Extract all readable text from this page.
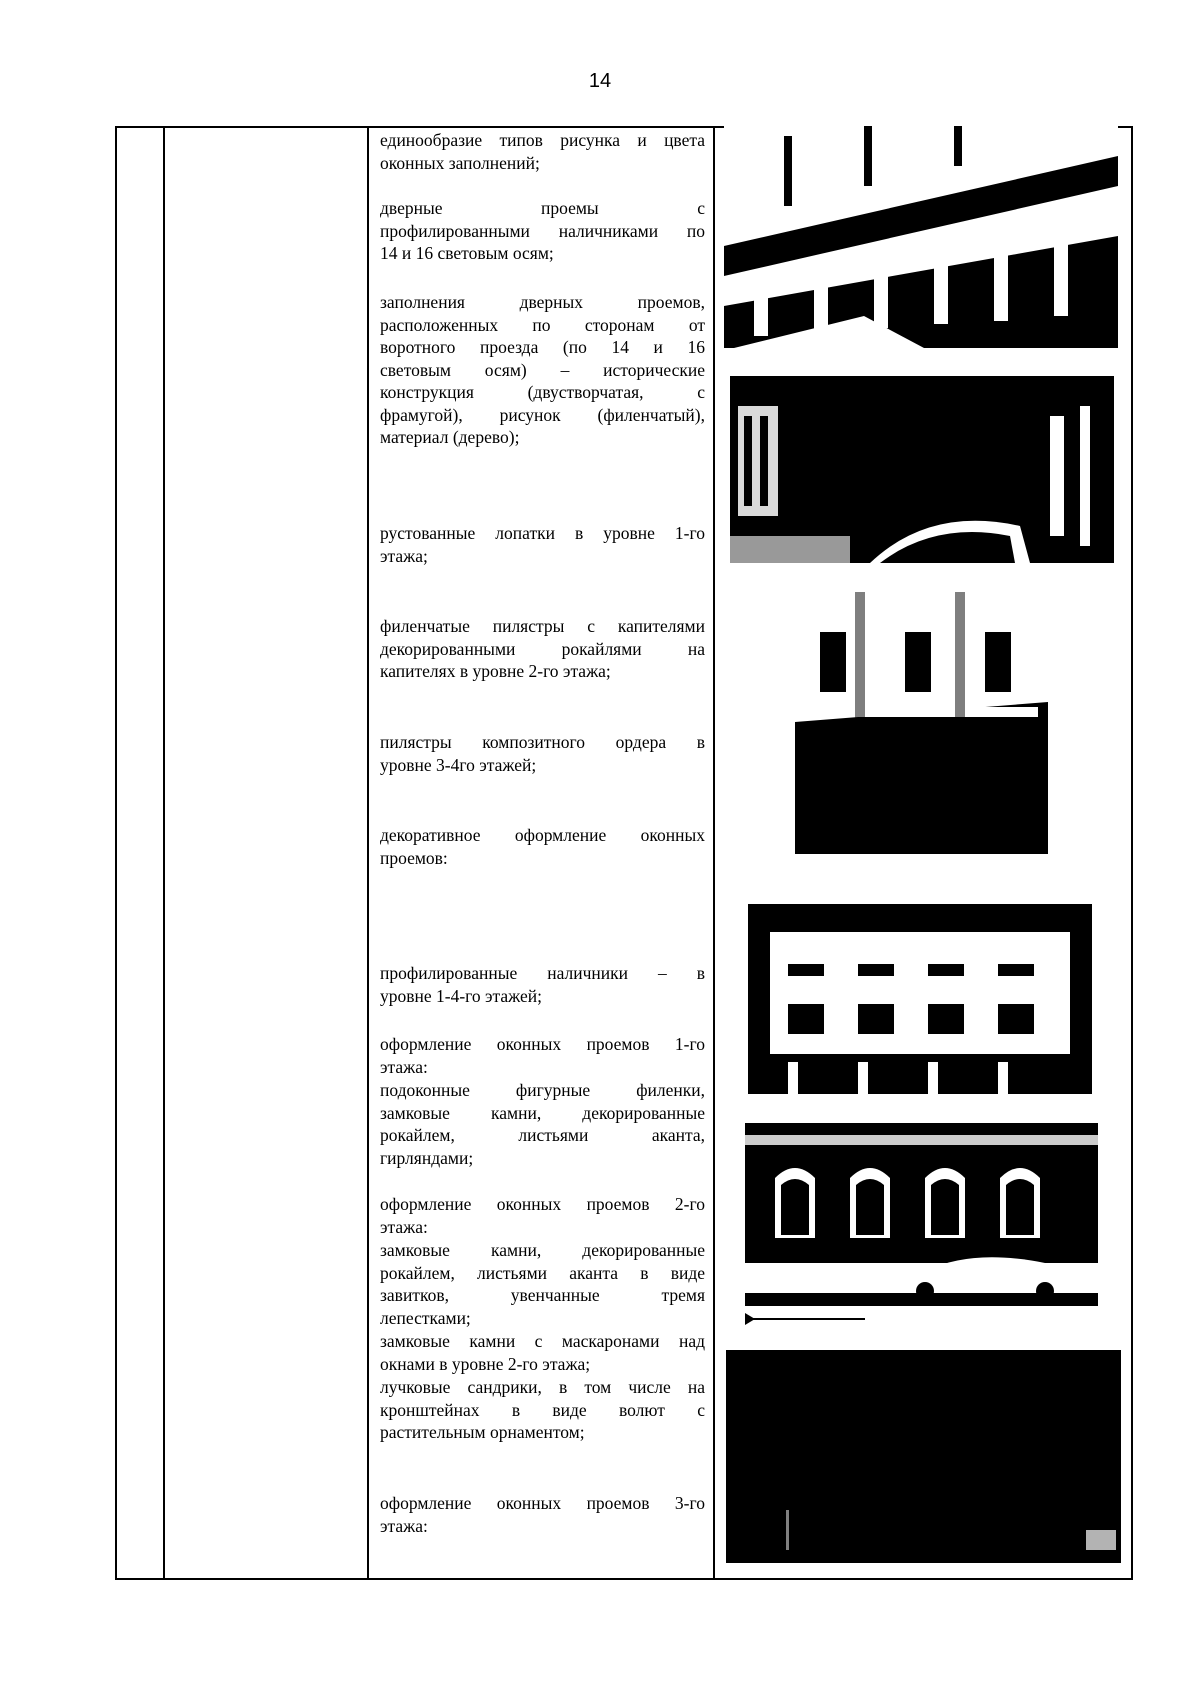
14
единообразие типов рисунка и цвета
оконных заполнений;
дверные проемы с
профилированными наличниками по
14 и 16 световым осям;
заполнения дверных проемов,
расположенных по сторонам от
воротного проезда (по 14 и 16
световым осям) – исторические
конструкция (двустворчатая, с
фрамугой), рисунок (филенчатый),
материал (дерево);
рустованные лопатки в уровне 1-го
этажа;
филенчатые пилястры с капителями
декорированными рокайлями на
капителях в уровне 2-го этажа;
пилястры композитного ордера в
уровне 3-4го этажей;
декоративное оформление оконных
проемов:
профилированные наличники – в
уровне 1-4-го этажей;
оформление оконных проемов 1-го
этажа:
подоконные фигурные филенки,
замковые камни, декорированные
рокайлем, листьями аканта,
гирляндами;
оформление оконных проемов 2-го
этажа:
замковые камни, декорированные
рокайлем, листьями аканта в виде
завитков, увенчанные тремя
лепестками;
замковые камни с маскаронами над
окнами в уровне 2-го этажа;
лучковые сандрики, в том числе на
кронштейнах в виде волют с
растительным орнаментом;
оформление оконных проемов 3-го
этажа:
